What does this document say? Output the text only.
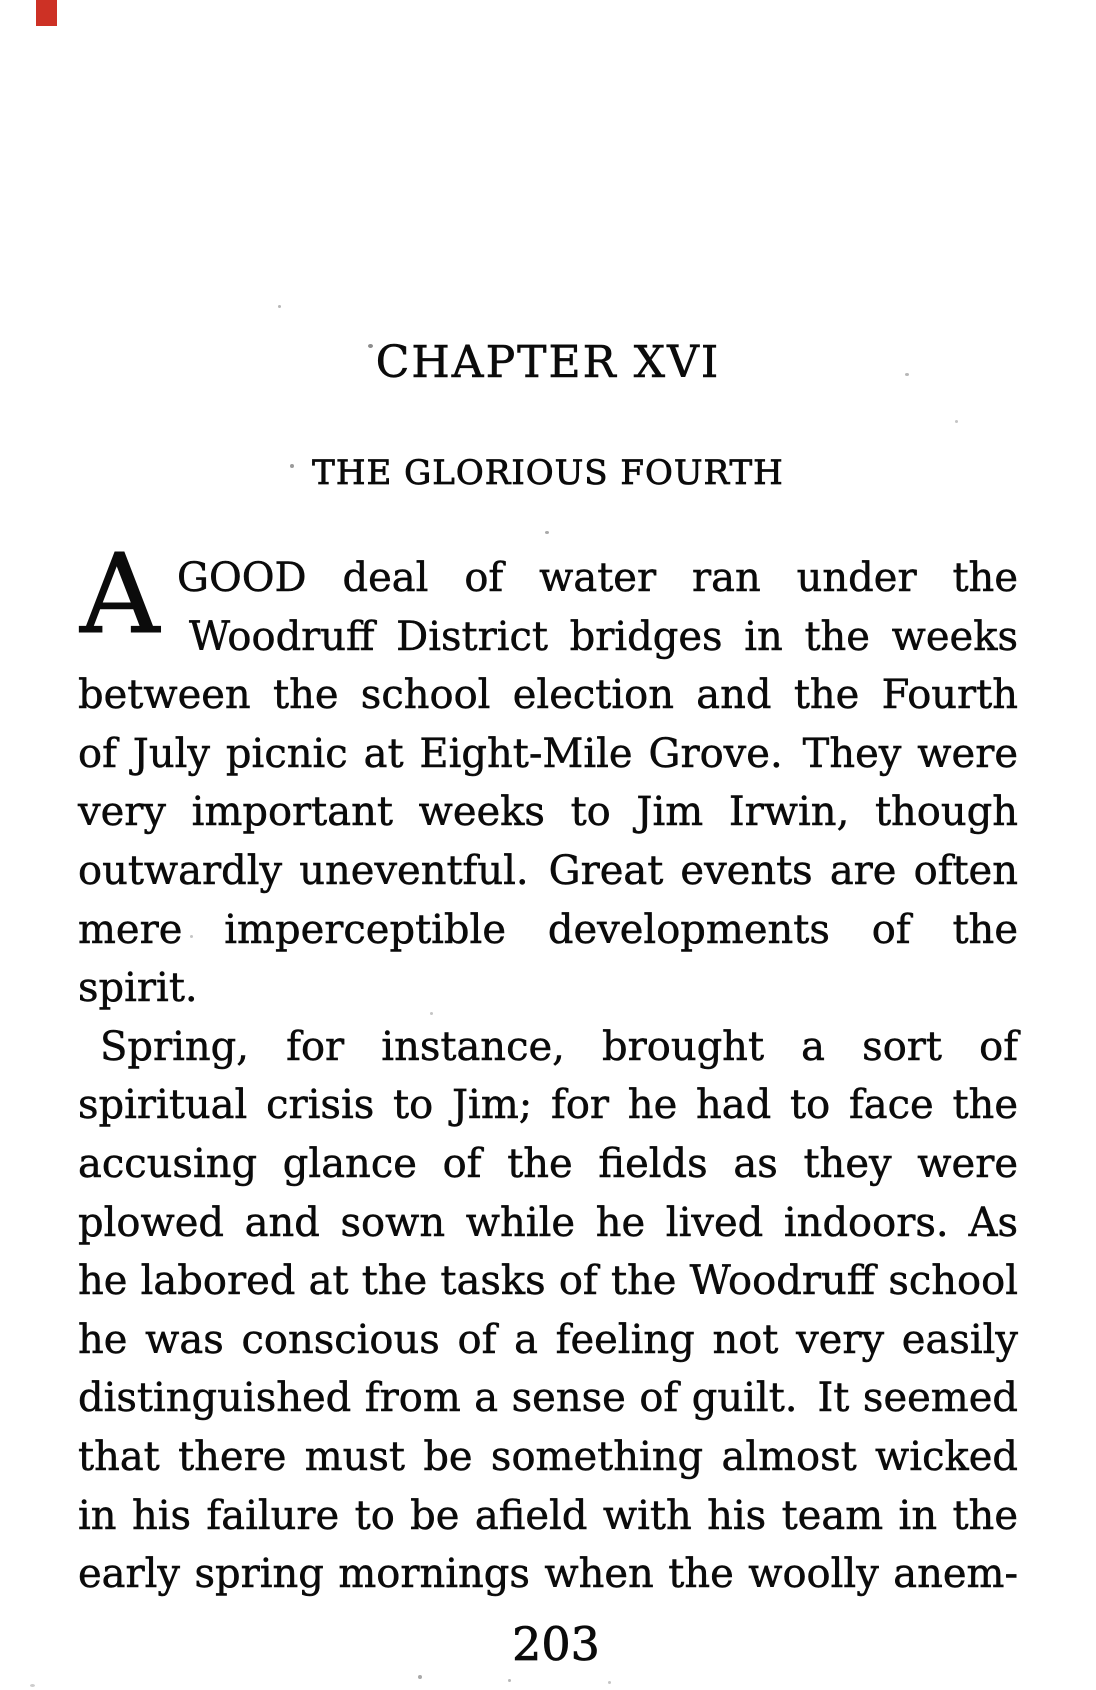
CHAPTER XVI
THE GLORIOUS FOURTH
A GOOD deal of water ran under the

Woodruff District bridges in the weeks

between the school election and the Fourth

of July picnic at Eight-Mile Grove. They were

very important weeks to Jim Irwin, though

outwardly uneventful. Great events are often

mere imperceptible developments of the

spirit.

Spring, for instance, brought a sort of

spiritual crisis to Jim; for he had to face the

accusing glance of the fields as they were

plowed and sown while he lived indoors. As

he labored at the tasks of the Woodruff school

he was conscious of a feeling not very easily

distinguished from a sense of guilt. It seemed

that there must be something almost wicked

in his failure to be afield with his team in the

early spring mornings when the woolly anem-

203
